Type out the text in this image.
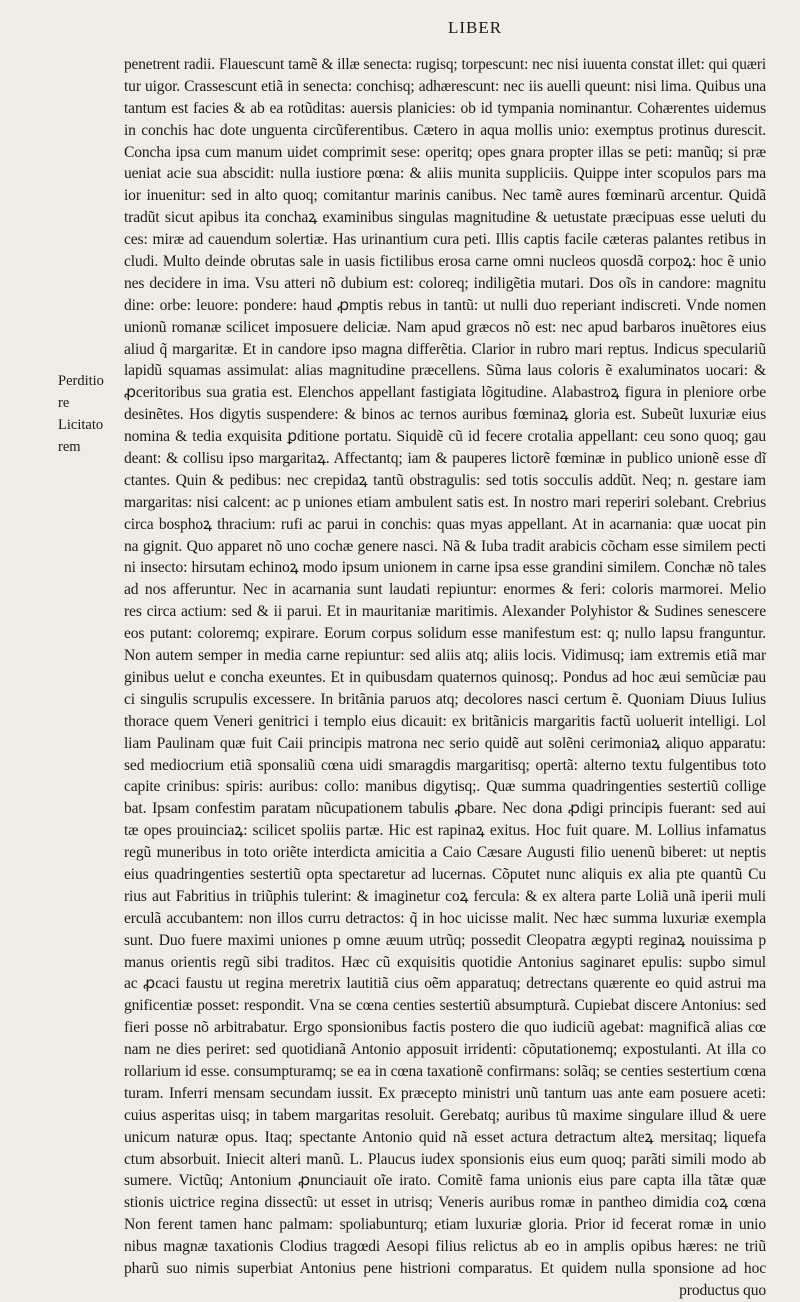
LIBER
Perditio
re
Licitato
rem
penetrent radii. Flauescunt tamẽ & illæ senecta: rugisq; torpescunt: nec nisi iuuenta constat illet: qui quæri
tur uigor. Crassescunt etiã in senecta: conchisq; adhærescunt: nec iis auelli queunt: nisi lima. Quibus una
tantum est facies & ab ea rotũditas: auersis planicies: ob id tympania nominantur. Cohærentes uidemus
in conchis hac dote unguenta circũferentibus. Cætero in aqua mollis unio: exemptus protinus durescit.
Concha ipsa cum manum uidet comprimit sese: operitq; opes gnara propter illas se peti: manũq; si præ
ueniat acie sua abscidit: nulla iustiore pœna: & aliis munita suppliciis. Quippe inter scopulos pars ma
ior inuenitur: sed in alto quoq; comitantur marinis canibus. Nec tamẽ aures fœminarũ arcentur. Quidã
tradũt sicut apibus ita conchaꝝ examinibus singulas magnitudine & uetustate præcipuas esse ueluti du
ces: miræ ad cauendum solertiæ. Has urinantium cura peti. Illis captis facile cæteras palantes retibus in
cludi. Multo deinde obrutas sale in uasis fictilibus erosa carne omni nucleos quosdã corpoꝝ: hoc ẽ unio
nes decidere in ima. Vsu atteri nõ dubium est: coloreq; indiligẽtia mutari. Dos oĩs in candore: magnitu
dine: orbe: leuore: pondere: haud ꝓmptis rebus in tantũ: ut nulli duo reperiant indiscreti. Vnde nomen
unionũ romanæ scilicet imposuere deliciæ. Nam apud græcos nõ est: nec apud barbaros inuẽtores eius
aliud q̃ margaritæ. Et in candore ipso magna differẽtia. Clarior in rubro mari reptus. Indicus speculariũ
lapidũ squamas assimulat: alias magnitudine præcellens. Sũma laus coloris ẽ exaluminatos uocari: &
ꝓceritoribus sua gratia est. Elenchos appellant fastigiata lõgitudine. Alabastroꝝ figura in pleniore orbe
desinẽtes. Hos digytis suspendere: & binos ac ternos auribus fœminaꝝ gloria est. Subeũt luxuriæ eius
nomina & tedia exquisita ꝑditione portatu. Siquidẽ cũ id fecere crotalia appellant: ceu sono quoq; gau
deant: & collisu ipso margaritaꝝ. Affectantq; iam & pauperes lictorẽ fœminæ in publico unionẽ esse dĩ
ctantes. Quin & pedibus: nec crepidaꝝ tantũ obstragulis: sed totis socculis addũt. Neq; n. gestare iam
margaritas: nisi calcent: ac p uniones etiam ambulent satis est. In nostro mari reperiri solebant. Crebrius
circa bosphoꝝ thracium: rufi ac parui in conchis: quas myas appellant. At in acarnania: quæ uocat pin
na gignit. Quo apparet nõ uno cochæ genere nasci. Nã & Iuba tradit arabicis cõcham esse similem pecti
ni insecto: hirsutam echinoꝝ modo ipsum unionem in carne ipsa esse grandini similem. Conchæ nõ tales
ad nos afferuntur. Nec in acarnania sunt laudati repiuntur: enormes & feri: coloris marmorei. Melio
res circa actium: sed & ii parui. Et in mauritaniæ maritimis. Alexander Polyhistor & Sudines senescere
eos putant: coloremq; expirare. Eorum corpus solidum esse manifestum est: q; nullo lapsu franguntur.
Non autem semper in media carne repiuntur: sed aliis atq; aliis locis. Vidimusq; iam extremis etiã mar
ginibus uelut e concha exeuntes. Et in quibusdam quaternos quinosq;. Pondus ad hoc æui semũciæ pau
ci singulis scrupulis excessere. In britãnia paruos atq; decolores nasci certum ẽ. Quoniam Diuus Iulius
thorace quem Veneri genitrici i templo eius dicauit: ex britãnicis margaritis factũ uoluerit intelligi. Lol
liam Paulinam quæ fuit Caii principis matrona nec serio quidẽ aut solẽni cerimoniaꝝ aliquo apparatu:
sed mediocrium etiã sponsaliũ cœna uidi smaragdis margaritisq; opertã: alterno textu fulgentibus toto
capite crinibus: spiris: auribus: collo: manibus digytisq;. Quæ summa quadringenties sestertiũ collige
bat. Ipsam confestim paratam nũcupationem tabulis ꝓbare. Nec dona ꝓdigi principis fuerant: sed aui
tæ opes prouinciaꝝ: scilicet spoliis partæ. Hic est rapinaꝝ exitus. Hoc fuit quare. M. Lollius infamatus
regũ muneribus in toto oriẽte interdicta amicitia a Caio Cæsare Augusti filio uenenũ biberet: ut neptis
eius quadringenties sestertiũ opta spectaretur ad lucernas. Cõputet nunc aliquis ex alia pte quantũ Cu
rius aut Fabritius in triũphis tulerint: & imaginetur coꝝ fercula: & ex altera parte Loliã unã iperii muli
erculã accubantem: non illos curru detractos: q̃ in hoc uicisse malit. Nec hæc summa luxuriæ exempla
sunt. Duo fuere maximi uniones p omne æuum utrũq; possedit Cleopatra ægypti reginaꝝ nouissima p
manus orientis regũ sibi traditos. Hæc cũ exquisitis quotidie Antonius saginaret epulis: supbo simul
ac ꝓcaci faustu ut regina meretrix lautitiã cius oẽm apparatuq; detrectans quærente eo quid astrui ma
gnificentiæ posset: respondit. Vna se cœna centies sestertiũ absumpturã. Cupiebat discere Antonius: sed
fieri posse nõ arbitrabatur. Ergo sponsionibus factis postero die quo iudiciũ agebat: magnificã alias cœ
nam ne dies periret: sed quotidianã Antonio apposuit irridenti: cõputationemq; expostulanti. At illa co
rollarium id esse. consumpturamq; se ea in cœna taxationẽ confirmans: solãq; se centies sestertium cœna
turam. Inferri mensam secundam iussit. Ex præcepto ministri unũ tantum uas ante eam posuere aceti:
cuius asperitas uisq; in tabem margaritas resoluit. Gerebatq; auribus tũ maxime singulare illud & uere
unicum naturæ opus. Itaq; spectante Antonio quid nã esset actura detractum alteꝝ mersitaq; liquefa
ctum absorbuit. Iniecit alteri manũ. L. Plaucus iudex sponsionis eius eum quoq; parãti simili modo ab
sumere. Victũq; Antonium ꝓnunciauit oĩe irato. Comitẽ fama unionis eius pare capta illa tãtæ quæ
stionis uictrice regina dissectũ: ut esset in utrisq; Veneris auribus romæ in pantheo dimidia coꝝ cœna
Non ferent tamen hanc palmam: spoliabunturq; etiam luxuriæ gloria. Prior id fecerat romæ in unio
nibus magnæ taxationis Clodius tragœdi Aesopi filius relictus ab eo in amplis opibus hæres: ne triũ
pharũ suo nimis superbiat Antonius pene histrioni comparatus. Et quidem nulla sponsione ad hoc
productus quo
